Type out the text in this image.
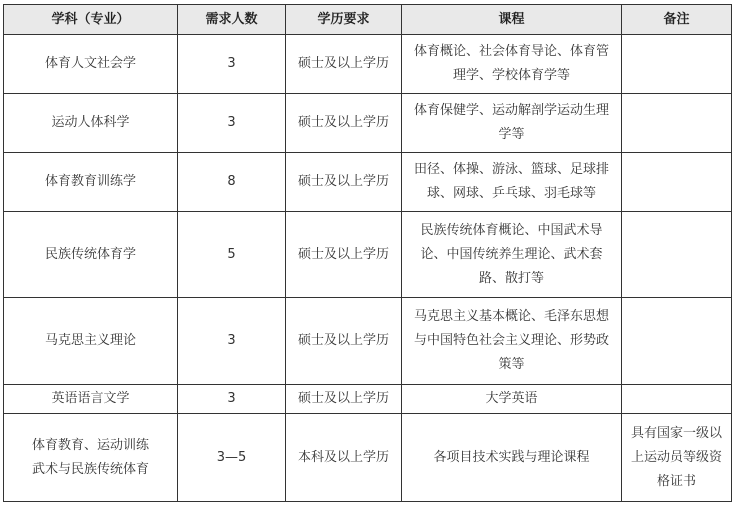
学科（专业）	需求人数	学历要求	课程	备注

体育人文社会学	3	硕士及以上学历	体育概论、社会体育导论、体育管
理学、学校体育学等	

运动人体科学	3	硕士及以上学历	体育保健学、运动解剖学运动生理
学等	

体育教育训练学	8	硕士及以上学历	田径、体操、游泳、篮球、足球排
球、网球、乒乓球、羽毛球等	

民族传统体育学	5	硕士及以上学历	民族传统体育概论、中国武术导
论、中国传统养生理论、武术套
路、散打等	

马克思主义理论	3	硕士及以上学历	马克思主义基本概论、毛泽东思想
与中国特色社会主义理论、形势政
策等	

英语语言文学	3	硕士及以上学历	大学英语	

体育教育、运动训练
武术与民族传统体育	3—5	本科及以上学历	各项目技术实践与理论课程	具有国家一级以
上运动员等级资
格证书
